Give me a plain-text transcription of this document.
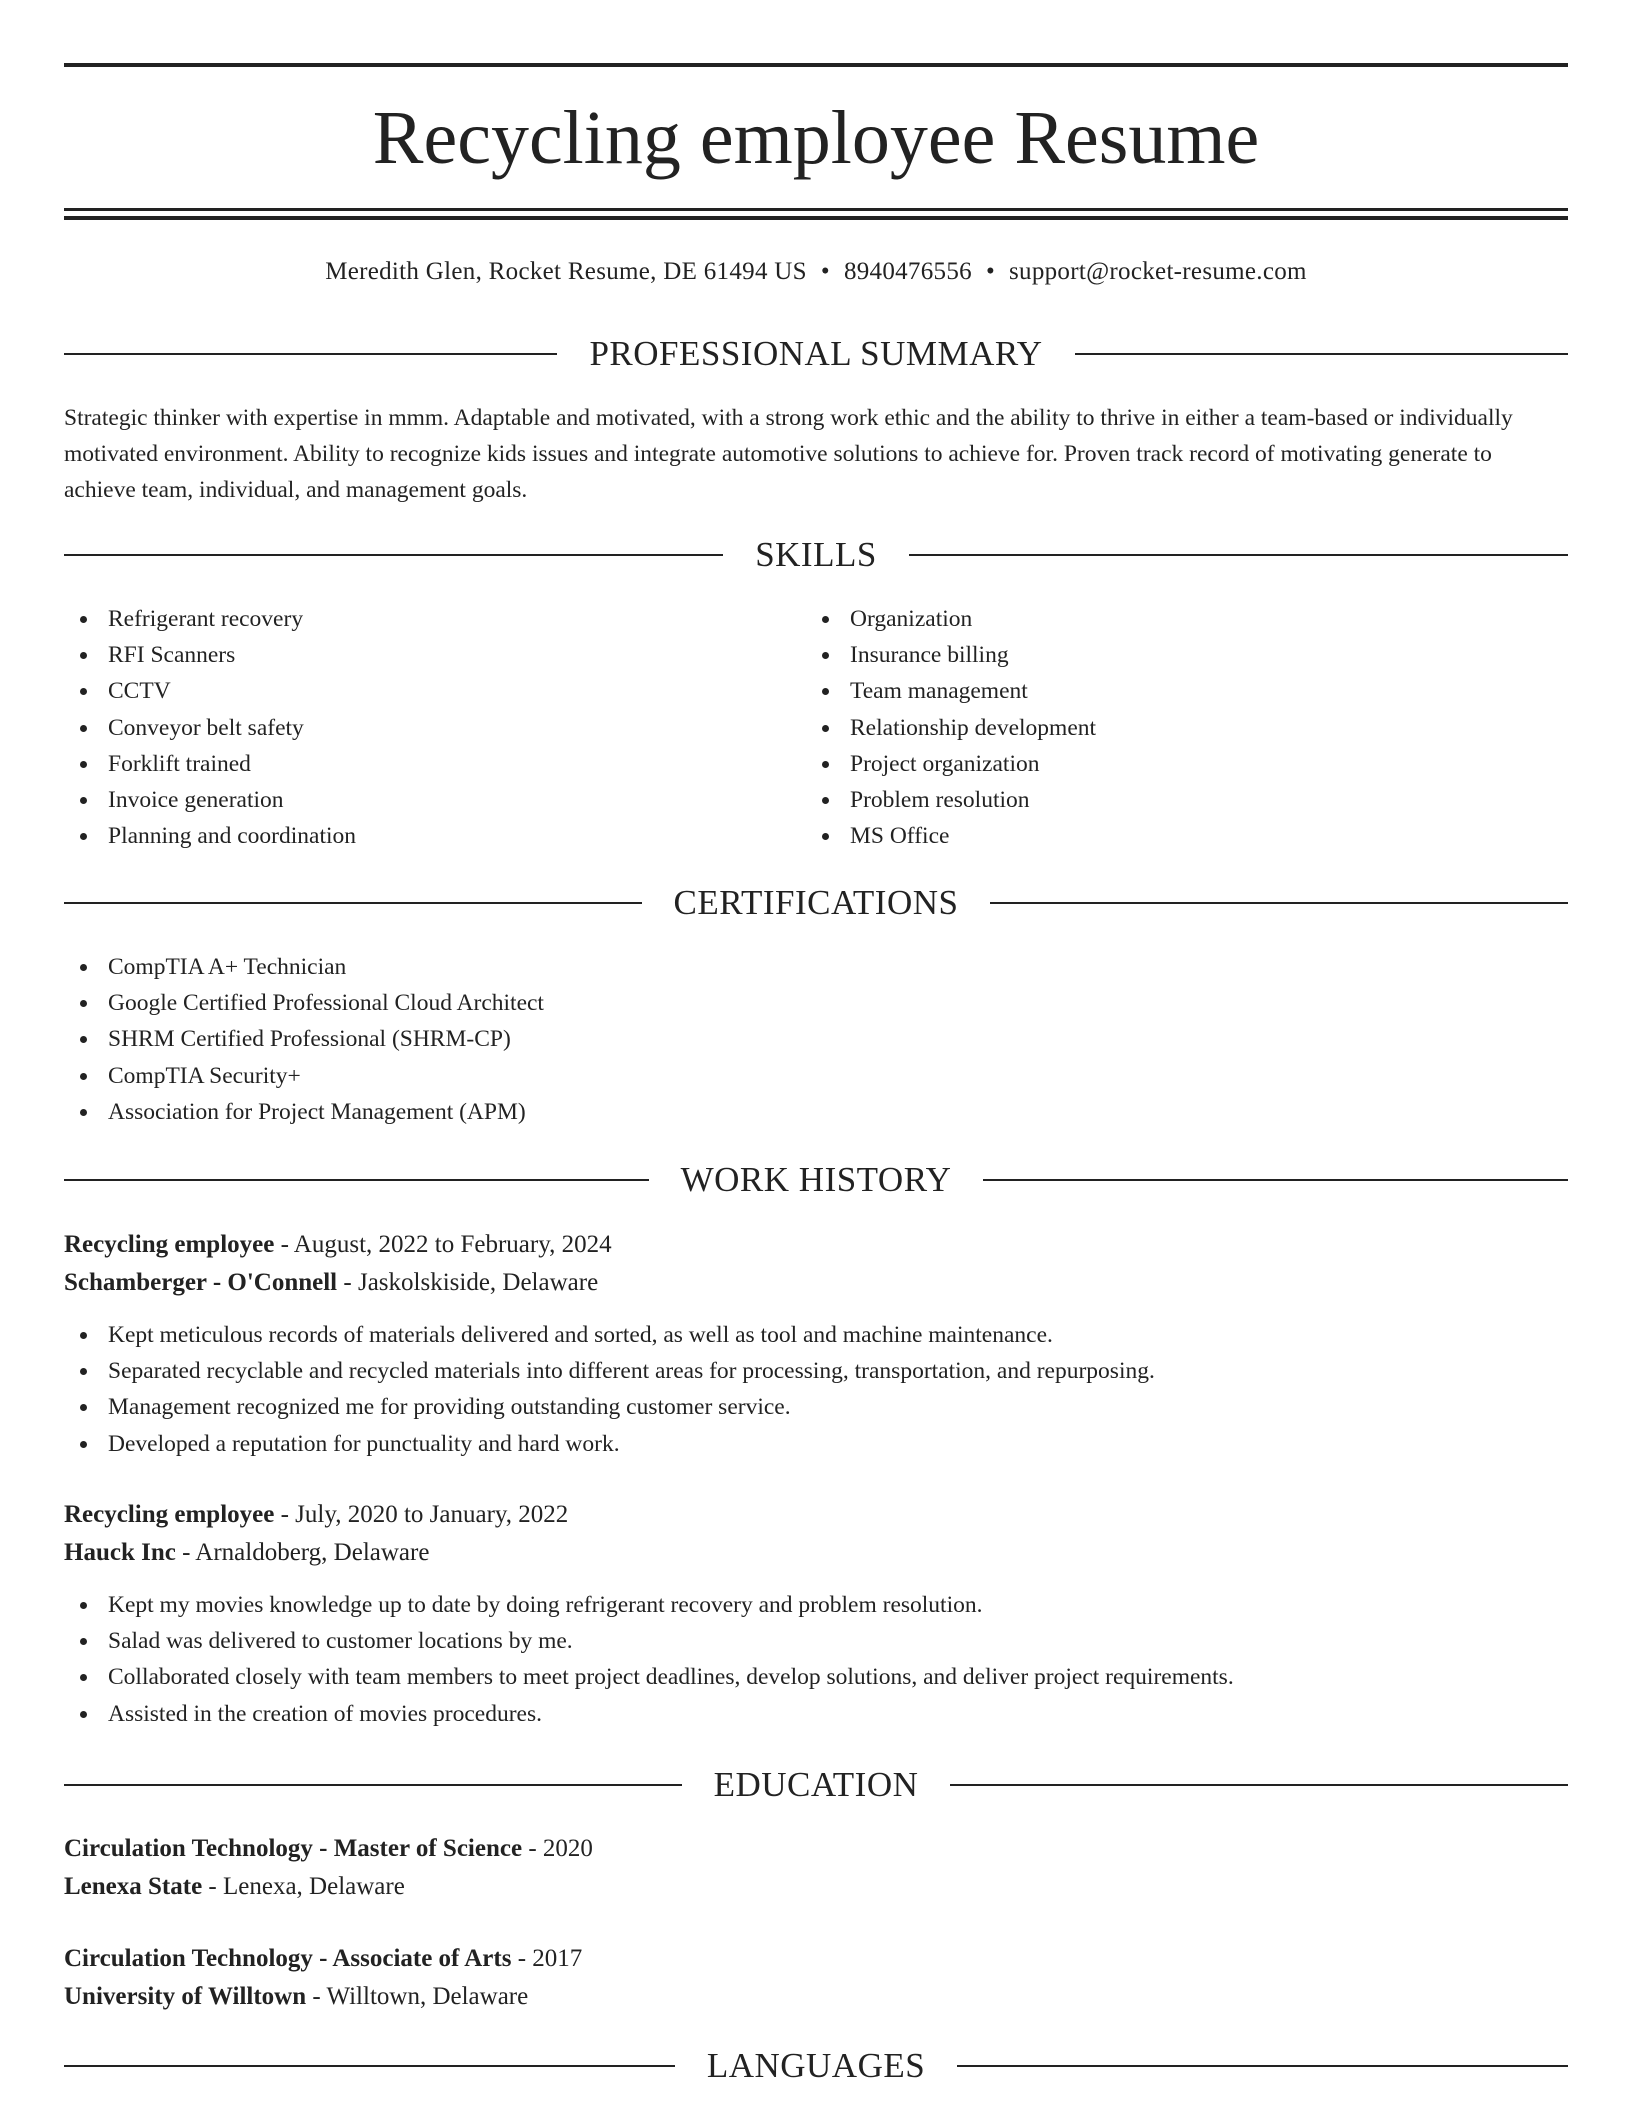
Recycling employee Resume
Meredith Glen, Rocket Resume, DE 61494 US • 8940476556 • support@rocket-resume.com
PROFESSIONAL SUMMARY

Strategic thinker with expertise in mmm. Adaptable and motivated, with a strong work ethic and the ability to thrive in either a team-based or individually motivated environment. Ability to recognize kids issues and integrate automotive solutions to achieve for. Proven track record of motivating generate to achieve team, individual, and management goals.

SKILLS
Refrigerant recovery
RFI Scanners
CCTV
Conveyor belt safety
Forklift trained
Invoice generation
Planning and coordination
Organization
Insurance billing
Team management
Relationship development
Project organization
Problem resolution
MS Office
CERTIFICATIONS
CompTIA A+ Technician
Google Certified Professional Cloud Architect
SHRM Certified Professional (SHRM-CP)
CompTIA Security+
Association for Project Management (APM)
WORK HISTORY
Recycling employee - August, 2022 to February, 2024
Schamberger - O'Connell - Jaskolskiside, Delaware
Kept meticulous records of materials delivered and sorted, as well as tool and machine maintenance.
Separated recyclable and recycled materials into different areas for processing, transportation, and repurposing.
Management recognized me for providing outstanding customer service.
Developed a reputation for punctuality and hard work.
Recycling employee - July, 2020 to January, 2022
Hauck Inc - Arnaldoberg, Delaware
Kept my movies knowledge up to date by doing refrigerant recovery and problem resolution.
Salad was delivered to customer locations by me.
Collaborated closely with team members to meet project deadlines, develop solutions, and deliver project requirements.
Assisted in the creation of movies procedures.
EDUCATION
Circulation Technology - Master of Science - 2020
Lenexa State - Lenexa, Delaware
Circulation Technology - Associate of Arts - 2017
University of Willtown - Willtown, Delaware
LANGUAGES
